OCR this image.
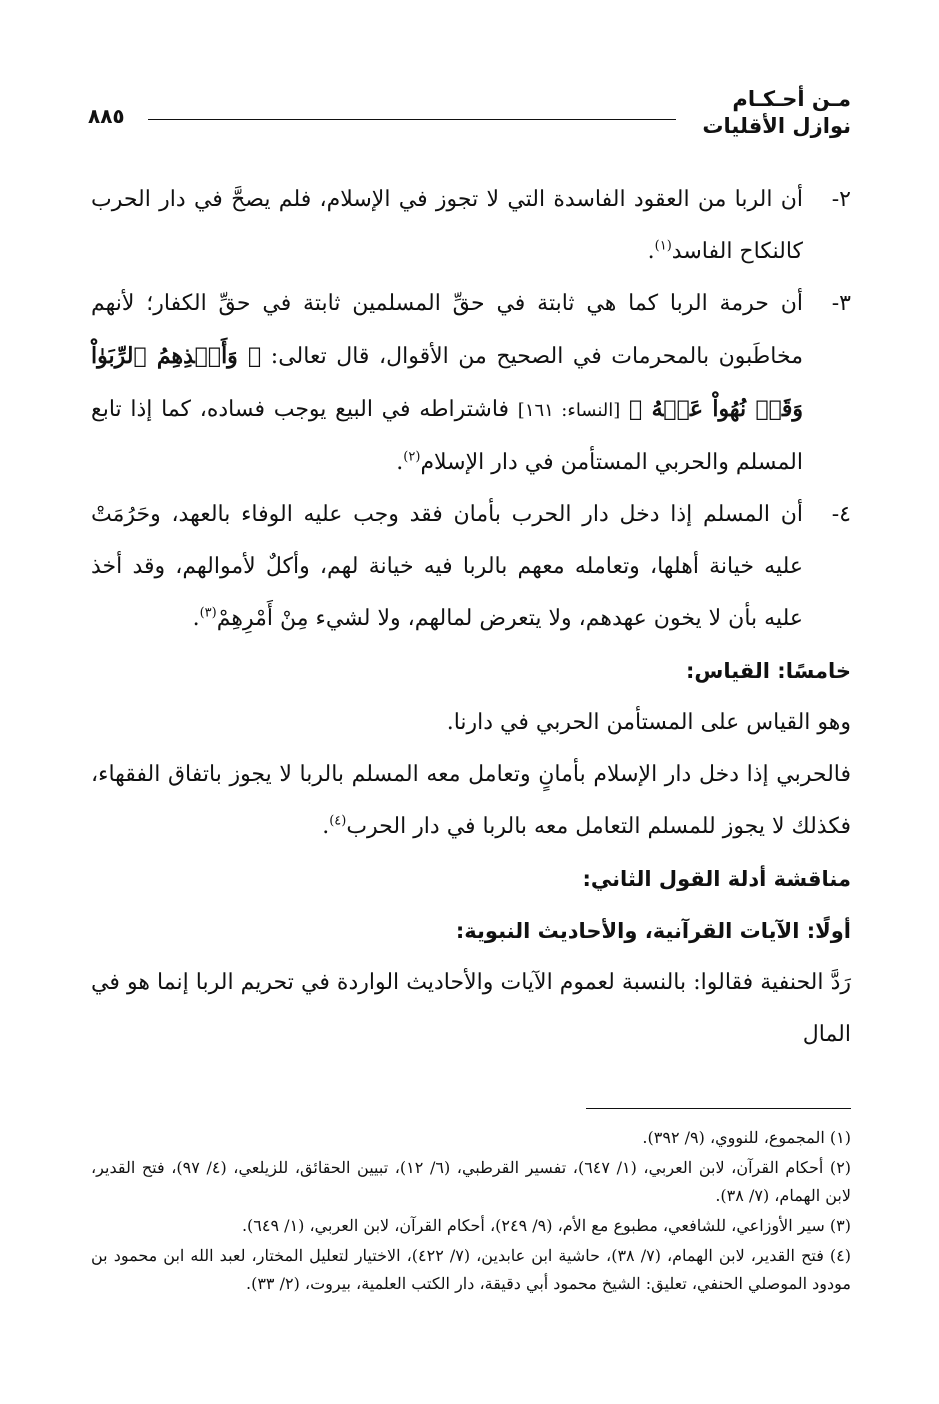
مـن أحـكـام
نوازل الأقليات
٨٨٥
٢-
أن الربا من العقود الفاسدة التي لا تجوز في الإسلام، فلم يصحَّ في دار الحرب كالنكاح الفاسد$^{(١)}$.
٣-
أن حرمة الربا كما هي ثابتة في حقِّ المسلمين ثابتة في حقِّ الكفار؛ لأنهم مخاطَبون بالمحرمات في الصحيح من الأقوال، قال تعالى: ﴿ وَأَخۡذِهِمُ ٱلرِّبَوٰاْ وَقَدۡ نُهُواْ عَنۡهُ ﴾ [النساء: ١٦١] فاشتراطه في البيع يوجب فساده، كما إذا تابع المسلم والحربي المستأمن في دار الإسلام$^{(٢)}$.
٤-
أن المسلم إذا دخل دار الحرب بأمان فقد وجب عليه الوفاء بالعهد، وحَرُمَتْ عليه خيانة أهلها، وتعامله معهم بالربا فيه خيانة لهم، وأكلٌ لأموالهم، وقد أخذ عليه بأن لا يخون عهدهم، ولا يتعرض لمالهم، ولا لشيء مِنْ أَمْرِهِمْ$^{(٣)}$.

خامسًا: القياس:

وهو القياس على المستأمن الحربي في دارنا.

فالحربي إذا دخل دار الإسلام بأمانٍ وتعامل معه المسلم بالربا لا يجوز باتفاق الفقهاء، فكذلك لا يجوز للمسلم التعامل معه بالربا في دار الحرب$^{(٤)}$.

مناقشة أدلة القول الثاني:

أولًا: الآيات القرآنية، والأحاديث النبوية:

رَدَّ الحنفية فقالوا: بالنسبة لعموم الآيات والأحاديث الواردة في تحريم الربا إنما هو في المال

(١) المجموع، للنووي، (٩/ ٣٩٢).

(٢) أحكام القرآن، لابن العربي، (١/ ٦٤٧)، تفسير القرطبي، (٦/ ١٢)، تبيين الحقائق، للزيلعي، (٤/ ٩٧)، فتح القدير، لابن الهمام، (٧/ ٣٨).

(٣) سير الأوزاعي، للشافعي، مطبوع مع الأم، (٩/ ٢٤٩)، أحكام القرآن، لابن العربي، (١/ ٦٤٩).

(٤) فتح القدير، لابن الهمام، (٧/ ٣٨)، حاشية ابن عابدين، (٧/ ٤٢٢)، الاختيار لتعليل المختار، لعبد الله ابن محمود بن مودود الموصلي الحنفي، تعليق: الشيخ محمود أبي دقيقة، دار الكتب العلمية، بيروت، (٢/ ٣٣).
